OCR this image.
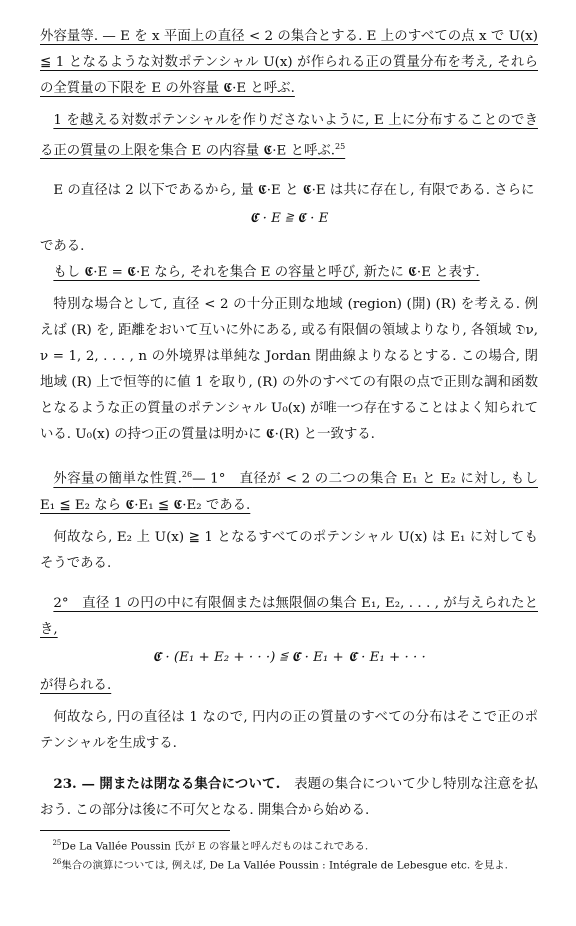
外容量等. — E を x 平面上の直径 < 2 の集合とする. E 上のすべての点 x で U(x) ≦ 1 となるような対数ポテンシャル U(x) が作られる正の質量分布を考え, それらの全質量の下限を E の外容量 𝕮̄·E と呼ぶ.

1 を越える対数ポテンシャルを作りださないように, E 上に分布することのできる正の質量の上限を集合 E の内容量 𝕮·E と呼ぶ.$^{25}$

E の直径は 2 以下であるから, 量 𝕮̄·E と 𝕮·E は共に存在し, 有限である. さらに

𝕮̄ · E ≧ 𝕮 · E

である.

もし 𝕮̄·E = 𝕮·E なら, それを集合 E の容量と呼び, 新たに 𝕮·E と表す.

特別な場合として, 直径 < 2 の十分正則な地域 (region) (開) (R) を考える. 例えば (R) を, 距離をおいて互いに外にある, 或る有限個の領域よりなり, 各領域 𝔇ν, ν = 1, 2, . . . , n の外境界は単純な Jordan 閉曲線よりなるとする. この場合, 閉地域 (R) 上で恒等的に値 1 を取り, (R) の外のすべての有限の点で正則な調和函数となるような正の質量のポテンシャル U₀(x) が唯一つ存在することはよく知られている. U₀(x) の持つ正の質量は明かに 𝕮·(R) と一致する.

外容量の簡単な性質.$^{26}$— 1°　直径が < 2 の二つの集合 E₁ と E₂ に対し, もし E₁ ≦ E₂ なら 𝕮̄·E₁ ≦ 𝕮̄·E₂ である.

何故なら, E₂ 上 U(x) ≧ 1 となるすべてのポテンシャル U(x) は E₁ に対してもそうである.

2°　直径 1 の円の中に有限個または無限個の集合 E₁, E₂, . . . , が与えられたとき,

𝕮̄ · (E₁ + E₂ + · · ·) ≦ 𝕮̄ · E₁ + 𝕮̄ · E₁ + · · ·

が得られる.

何故なら, 円の直径は 1 なので, 円内の正の質量のすべての分布はそこで正のポテンシャルを生成する.

23. — 開または閉なる集合について.　 表題の集合について少し特別な注意を払おう. この部分は後に不可欠となる. 開集合から始める.

$^{25}$De La Vallée Poussin 氏が E の容量と呼んだものはこれである.

$^{26}$集合の演算については, 例えば, De La Vallée Poussin : Intégrale de Lebesgue etc. を見よ.
